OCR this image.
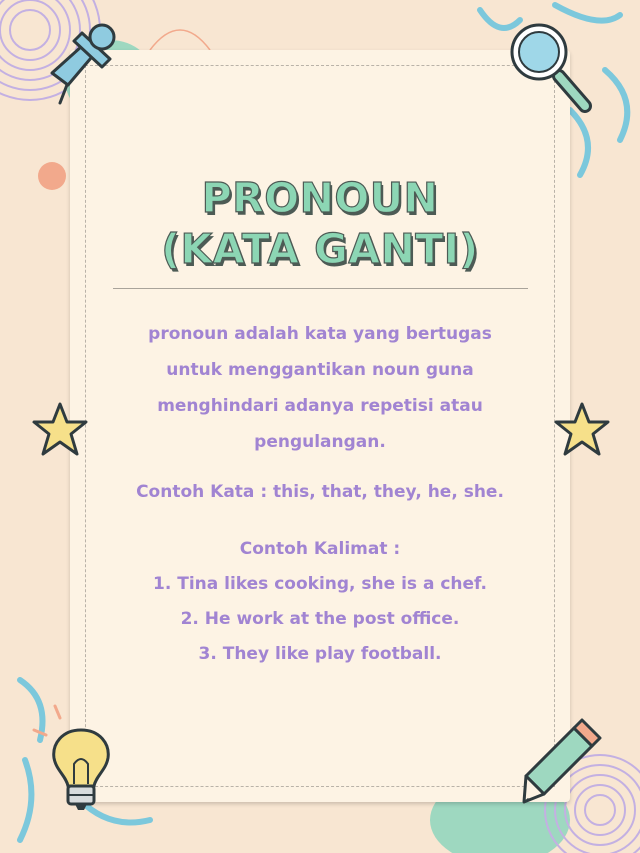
PRONOUN
(KATA GANTI)
pronoun adalah kata yang bertugas
untuk menggantikan noun guna
menghindari adanya repetisi atau
pengulangan.
Contoh Kata : this, that, they, he, she.
Contoh Kalimat :
1. Tina likes cooking, she is a chef.
2. He work at the post office.
3. They like play football.
